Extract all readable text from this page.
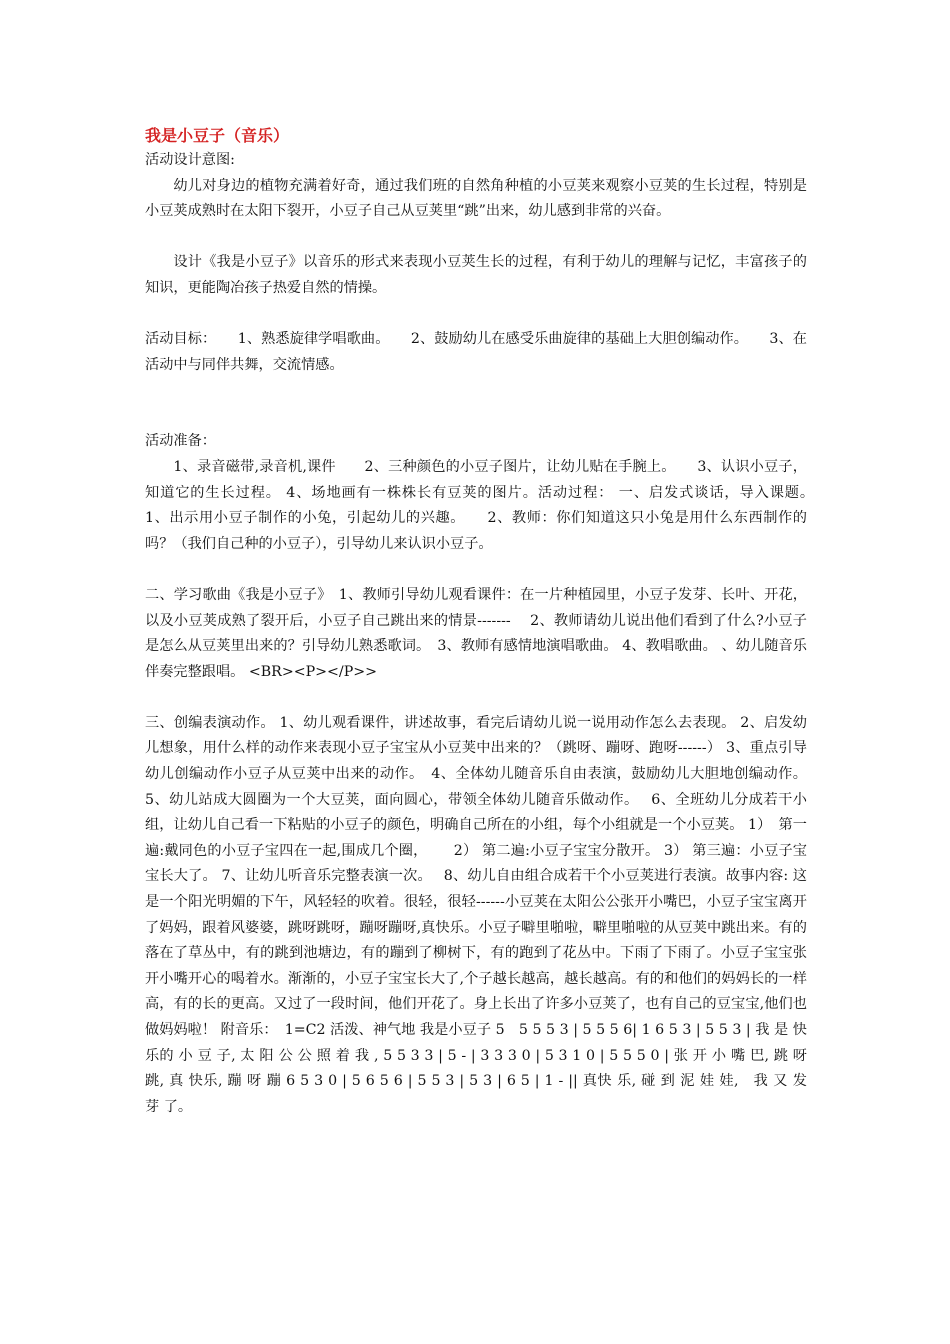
我是小豆子（音乐）

活动设计意图:

幼儿对身边的植物充满着好奇，通过我们班的自然角种植的小豆荚来观察小豆荚的生长过程，特别是小豆荚成熟时在太阳下裂开，小豆子自己从豆荚里“跳”出来，幼儿感到非常的兴奋。

设计《我是小豆子》以音乐的形式来表现小豆荚生长的过程，有利于幼儿的理解与记忆，丰富孩子的知识，更能陶冶孩子热爱自然的情操。

活动目标：　　1、熟悉旋律学唱歌曲。　　2、鼓励幼儿在感受乐曲旋律的基础上大胆创编动作。　　3、在活动中与同伴共舞，交流情感。

活动准备：

1、录音磁带,录音机,课件　　2、三种颜色的小豆子图片，让幼儿贴在手腕上。　　3、认识小豆子，知道它的生长过程。 4、场地画有一株株长有豆荚的图片。活动过程： 一、启发式谈话，导入课题。　　1、出示用小豆子制作的小兔，引起幼儿的兴趣。　　2、教师：你们知道这只小兔是用什么东西制作的吗？（我们自己种的小豆子），引导幼儿来认识小豆子。

二、学习歌曲《我是小豆子》　1、教师引导幼儿观看课件：在一片种植园里，小豆子发芽、长叶、开花，以及小豆荚成熟了裂开后，小豆子自己跳出来的情景-------　 2、教师请幼儿说出他们看到了什么?小豆子是怎么从豆荚里出来的？引导幼儿熟悉歌词。　3、教师有感情地演唱歌曲。 4、教唱歌曲。 、幼儿随音乐伴奏完整跟唱。 <BR><P></P>>

三、创编表演动作。 1、幼儿观看课件，讲述故事，看完后请幼儿说一说用动作怎么去表现。 2、启发幼儿想象，用什么样的动作来表现小豆子宝宝从小豆荚中出来的？（跳呀、蹦呀、跑呀------） 3、重点引导幼儿创编动作小豆子从豆荚中出来的动作。　4、全体幼儿随音乐自由表演，鼓励幼儿大胆地创编动作。 5、幼儿站成大圆圈为一个大豆荚，面向圆心，带领全体幼儿随音乐做动作。　 6、全班幼儿分成若干小组，让幼儿自己看一下粘贴的小豆子的颜色，明确自己所在的小组，每个小组就是一个小豆荚。 1）　第一遍:戴同色的小豆子宝四在一起,围成几个圈，　　 2） 第二遍:小豆子宝宝分散开。 3） 第三遍：小豆子宝宝长大了。 7、让幼儿听音乐完整表演一次。　 8、幼儿自由组合成若干个小豆荚进行表演。故事内容: 这是一个阳光明媚的下午，风轻轻的吹着。很轻，很轻------小豆荚在太阳公公张开小嘴巴，小豆子宝宝离开了妈妈，跟着风婆婆，跳呀跳呀，蹦呀蹦呀,真快乐。小豆子噼里啪啦，噼里啪啦的从豆荚中跳出来。有的落在了草丛中，有的跳到池塘边，有的蹦到了柳树下，有的跑到了花丛中。下雨了下雨了。小豆子宝宝张开小嘴开心的喝着水。渐渐的，小豆子宝宝长大了,个子越长越高，越长越高。有的和他们的妈妈长的一样高，有的长的更高。又过了一段时间，他们开花了。身上长出了许多小豆荚了，也有自己的豆宝宝,他们也做妈妈啦！ 附音乐：　1=C2 活泼、神气地 我是小豆子 5　5 5 5 3 | 5 5 5 6| 1 6 5 3 | 5 5 3 | 我 是 快乐的 小 豆 子, 太 阳 公 公 照 着 我 , 5 5 3 3 | 5 - | 3 3 3 0 | 5 3 1 0 | 5 5 5 0 | 张 开 小 嘴 巴, 跳 呀 跳, 真 快乐, 蹦 呀 蹦 6 5 3 0 | 5 6 5 6 | 5 5 3 | 5 3 | 6 5 | 1 - || 真快 乐, 碰 到 泥 娃 娃,　我 又 发　芽 了。
